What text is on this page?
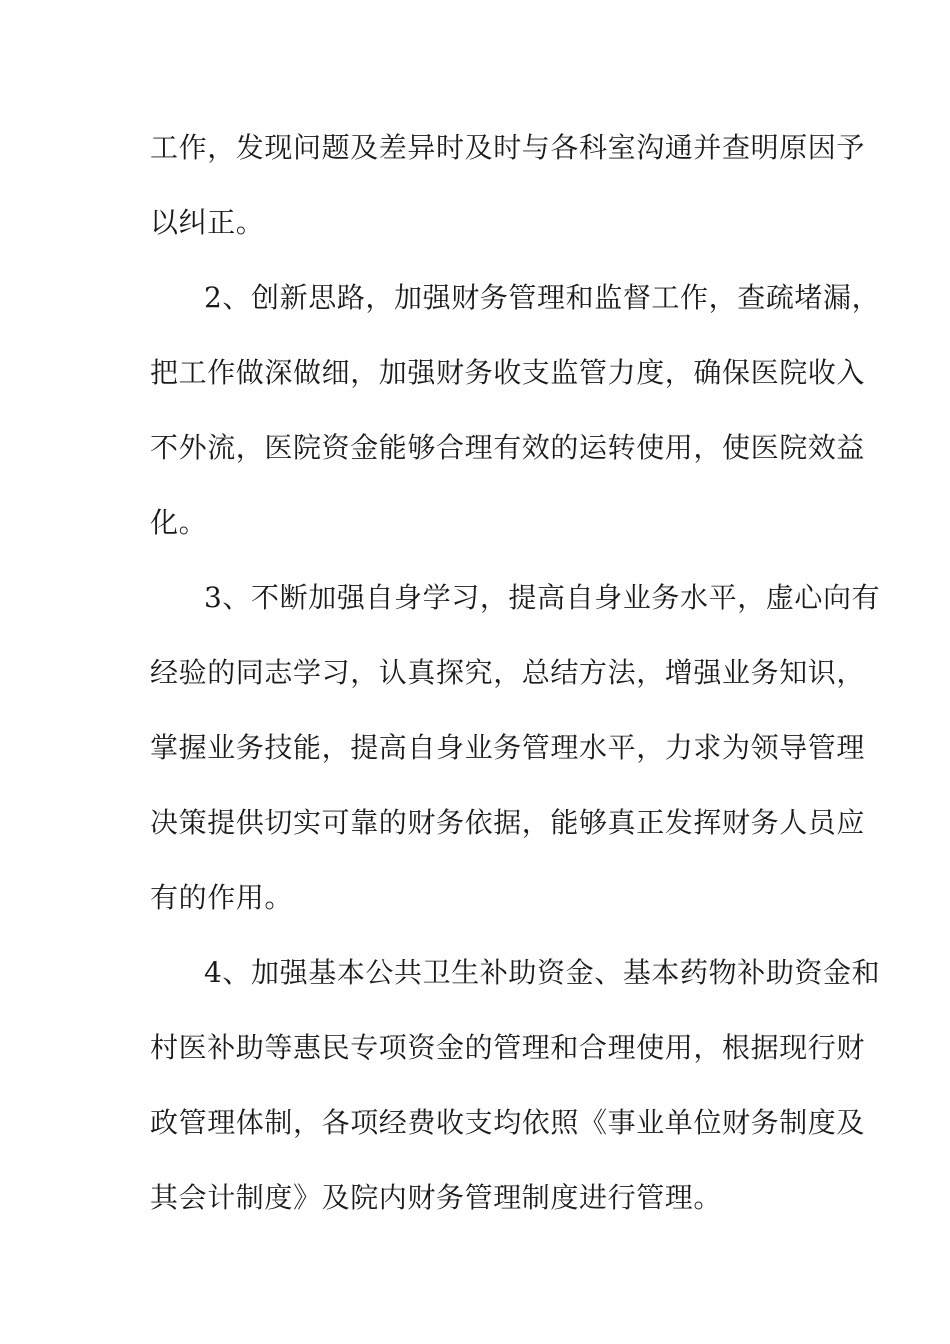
工作，发现问题及差异时及时与各科室沟通并查明原因予

以纠正。

2、创新思路，加强财务管理和监督工作，查疏堵漏，

把工作做深做细，加强财务收支监管力度，确保医院收入

不外流，医院资金能够合理有效的运转使用，使医院效益

化。

3、不断加强自身学习，提高自身业务水平，虚心向有

经验的同志学习，认真探究，总结方法，增强业务知识，

掌握业务技能，提高自身业务管理水平，力求为领导管理

决策提供切实可靠的财务依据，能够真正发挥财务人员应

有的作用。

4、加强基本公共卫生补助资金、基本药物补助资金和

村医补助等惠民专项资金的管理和合理使用，根据现行财

政管理体制，各项经费收支均依照《事业单位财务制度及

其会计制度》及院内财务管理制度进行管理。
